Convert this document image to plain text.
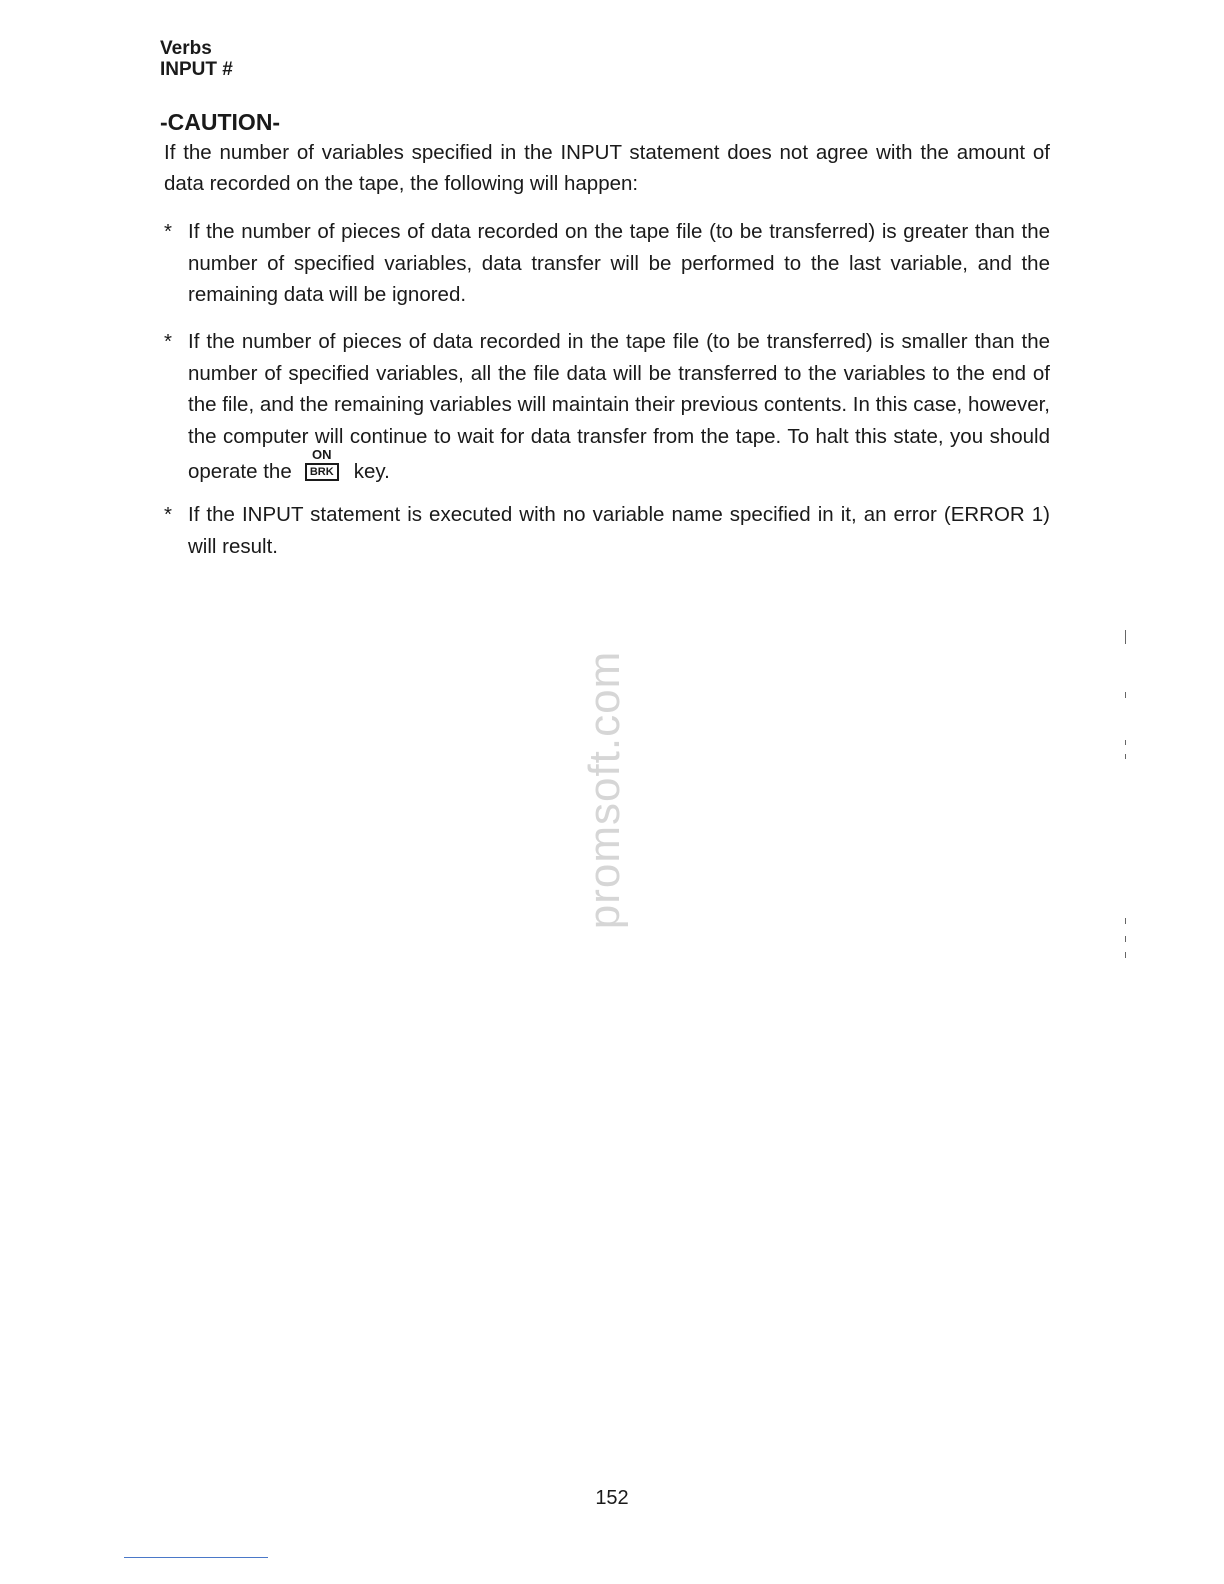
Verbs
INPUT #
-CAUTION-
If the number of variables specified in the INPUT statement does not agree with the amount of data recorded on the tape, the following will happen:
* If the number of pieces of data recorded on the tape file (to be transferred) is greater than the number of specified variables, data transfer will be performed to the last variable, and the remaining data will be ignored.
* If the number of pieces of data recorded in the tape file (to be transferred) is smaller than the number of specified variables, all the file data will be transferred to the variables to the end of the file, and the remaining variables will maintain their previous contents. In this case, however, the computer will continue to wait for data transfer from the tape. To halt this state, you should operate the
ON
BRK key.
* If the INPUT statement is executed with no variable name specified in it, an error (ERROR 1) will result.
promsoft.com
152
